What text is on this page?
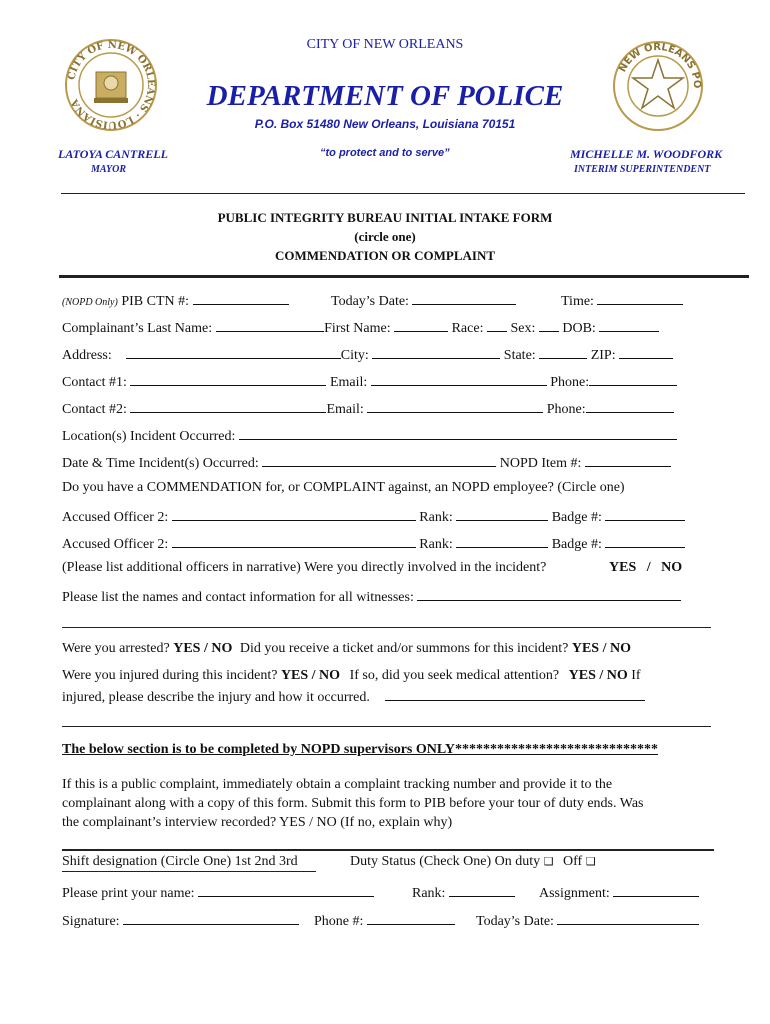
CITY OF NEW ORLEANS
DEPARTMENT OF POLICE
P.O. Box 51480 New Orleans, Louisiana 70151
“to protect and to serve”
LATOYA CANTRELL
MAYOR
MICHELLE M. WOODFORK
INTERIM SUPERINTENDENT
CITY OF NEW ORLEANS · LOUISIANA
NEW ORLEANS PO
PUBLIC INTEGRITY BUREAU INITIAL INTAKE FORM
(circle one)
COMMENDATION OR COMPLAINT
(NOPD Only) PIB CTN #:	Today’s Date:	Time:
Complainant’s Last Name:	First Name:	Race: Sex: DOB:
Address:	City:	State:	ZIP:
Contact #1:	Email:	Phone:
Contact #2:	Email:	Phone:
Location(s) Incident Occurred:
Date & Time Incident(s) Occurred:	NOPD Item #:
Do you have a COMMENDATION for, or COMPLAINT against, an NOPD employee? (Circle one)
Accused Officer 2:	Rank:	Badge #:
Accused Officer 2:	Rank:	Badge #:
(Please list additional officers in narrative) Were you directly involved in the incident?	YES   /   NO
Please list the names and contact information for all witnesses:
Were you arrested? YES / NO Did you receive a ticket and/or summons for this incident? YES / NO
Were you injured during this incident? YES / NO If so, did you seek medical attention? YES / NO If
injured, please describe the injury and how it occurred.
The below section is to be completed by NOPD supervisors ONLY*****************************
If this is a public complaint, immediately obtain a complaint tracking number and provide it to the
complainant along with a copy of this form. Submit this form to PIB before your tour of duty ends. Was
the complainant’s interview recorded? YES / NO (If no, explain why)
Shift designation (Circle One) 1st 2nd 3rd	Duty Status (Check One) On duty ❑ Off ❑
Please print your name:	Rank:	Assignment:
Signature:	Phone #:	Today’s Date:
